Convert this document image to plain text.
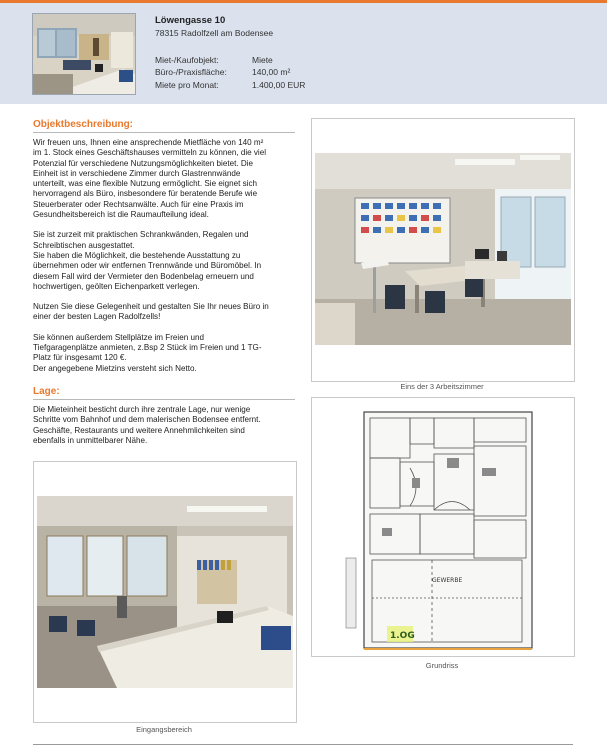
Löwengasse 10
78315 Radolfzell am Bodensee
Miet-/Kaufobjekt:	Miete
Büro-/Praxisfläche:	140,00 m²
Miete pro Monat:	1.400,00 EUR
Objektbeschreibung:
Wir freuen uns, Ihnen eine ansprechende Mietfläche von 140 m²
im 1. Stock eines Geschäftshauses vermitteln zu können, die viel
Potenzial für verschiedene Nutzungsmöglichkeiten bietet. Die
Einheit ist in verschiedene Zimmer durch Glastrennwände
unterteilt, was eine flexible Nutzung ermöglicht. Sie eignet sich
hervorragend als Büro, insbesondere für beratende Berufe wie
Steuerberater oder Rechtsanwälte. Auch für eine Praxis im
Gesundheitsbereich ist die Raumaufteilung ideal.
Sie ist zurzeit mit praktischen Schrankwänden, Regalen und
Schreibtischen ausgestattet.
Sie haben die Möglichkeit, die bestehende Ausstattung zu
übernehmen oder wir entfernen Trennwände und Büromöbel. In
diesem Fall wird der Vermieter den Bodenbelag erneuern und
hochwertigen, geölten Eichenparkett verlegen.
Nutzen Sie diese Gelegenheit und gestalten Sie Ihr neues Büro in
einer der besten Lagen Radolfzells!
Sie können außerdem Stellplätze im Freien und
Tiefgaragenplätze anmieten, z.Bsp 2 Stück im Freien und 1 TG-
Platz für insgesamt 120 €.
Der angegebene Mietzins versteht sich Netto.
Lage:
Die Mieteinheit besticht durch ihre zentrale Lage, nur wenige
Schritte vom Bahnhof und dem malerischen Bodensee entfernt.
Geschäfte, Restaurants und weitere Annehmlichkeiten sind
ebenfalls in unmittelbarer Nähe.
Eins der 3 Arbeitszimmer
GEWERBE
1.OG
Grundriss
Eingangsbereich
